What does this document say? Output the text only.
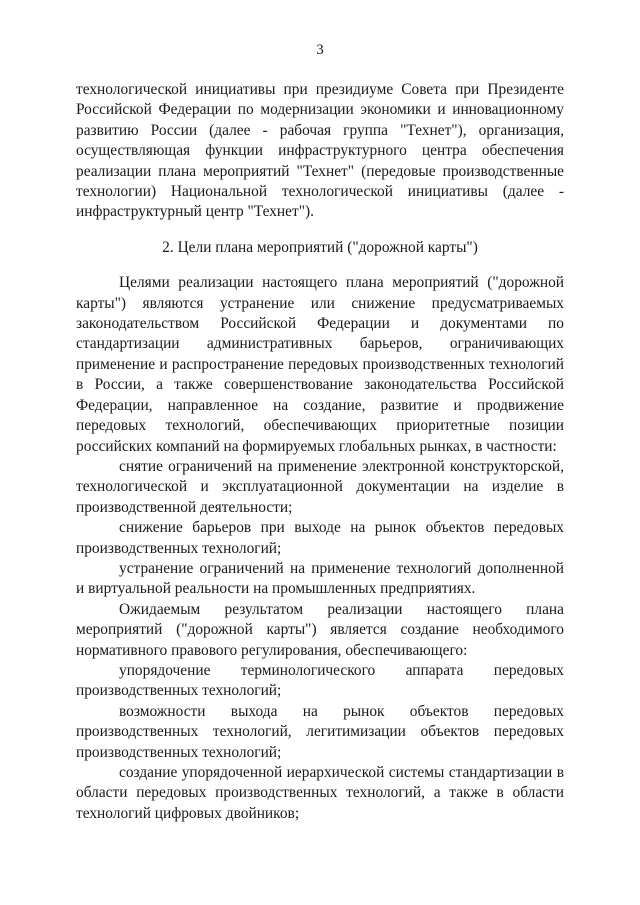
3

технологической инициативы при президиуме Совета при Президенте Российской Федерации по модернизации экономики и инновационному развитию России (далее - рабочая группа "Технет"), организация, осуществляющая функции инфраструктурного центра обеспечения реализации плана мероприятий "Технет" (передовые производственные технологии) Национальной технологической инициативы (далее - инфраструктурный центр "Технет").

2. Цели плана мероприятий ("дорожной карты")

Целями реализации настоящего плана мероприятий ("дорожной карты") являются устранение или снижение предусматриваемых законодательством Российской Федерации и документами по стандартизации административных барьеров, ограничивающих применение и распространение передовых производственных технологий в России, а также совершенствование законодательства Российской Федерации, направленное на создание, развитие и продвижение передовых технологий, обеспечивающих приоритетные позиции российских компаний на формируемых глобальных рынках, в частности:

снятие ограничений на применение электронной конструкторской, технологической и эксплуатационной документации на изделие в производственной деятельности;

снижение барьеров при выходе на рынок объектов передовых производственных технологий;

устранение ограничений на применение технологий дополненной и виртуальной реальности на промышленных предприятиях.

Ожидаемым результатом реализации настоящего плана мероприятий ("дорожной карты") является создание необходимого нормативного правового регулирования, обеспечивающего:

упорядочение терминологического аппарата передовых производственных технологий;

возможности выхода на рынок объектов передовых производственных технологий, легитимизации объектов передовых производственных технологий;

создание упорядоченной иерархической системы стандартизации в области передовых производственных технологий, а также в области технологий цифровых двойников;
